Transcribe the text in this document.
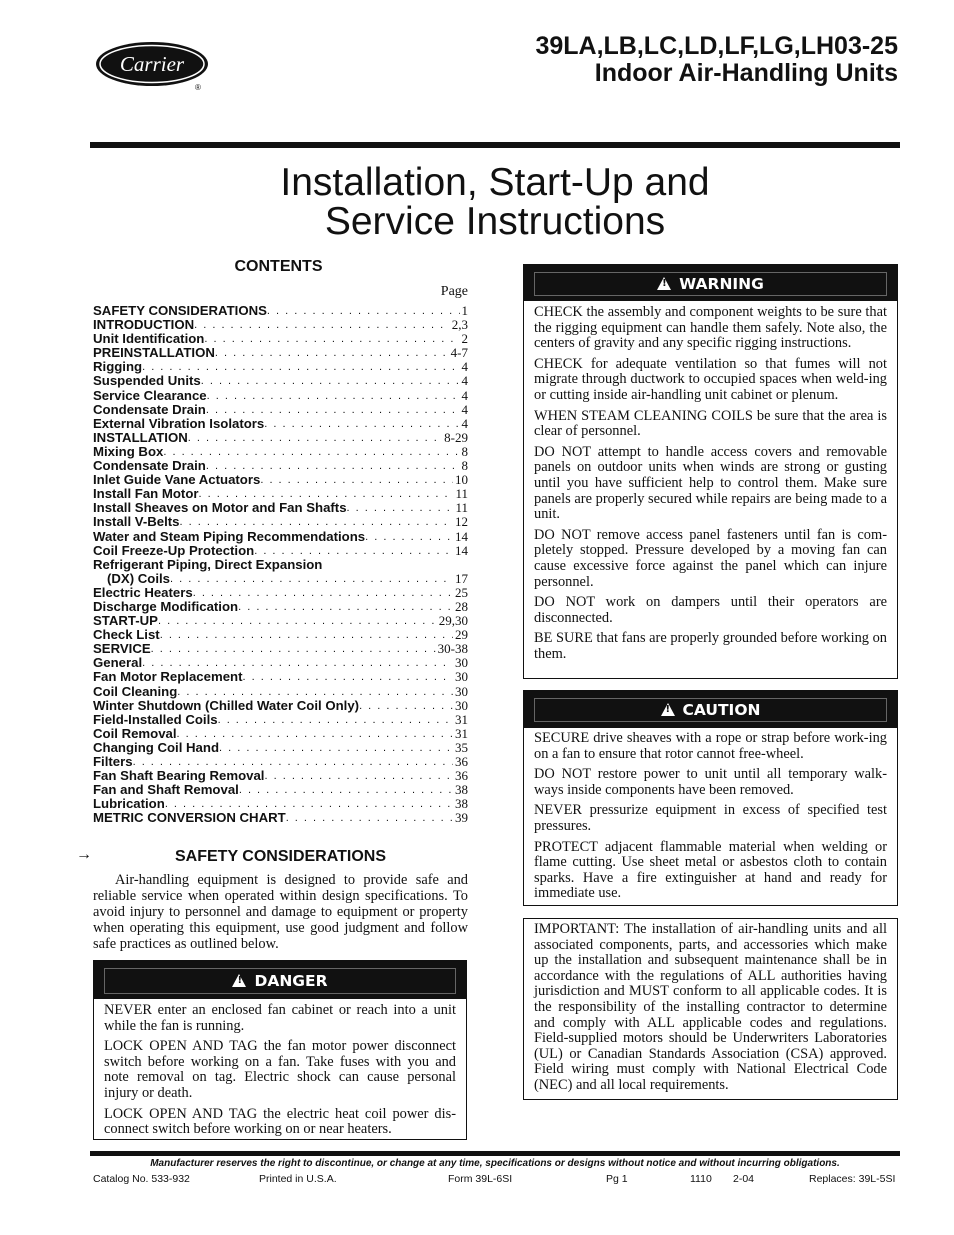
Carrier
®
39LA,LB,LC,LD,LF,LG,LH03-25
Indoor Air-Handling Units
Installation, Start-Up and
Service Instructions
CONTENTS
Page
SAFETY CONSIDERATIONS . . .	1
INTRODUCTION . . .	2,3
Unit Identification . . .	2
PREINSTALLATION . . .	4-7
Rigging . . .	4
Suspended Units . . .	4
Service Clearance . . .	4
Condensate Drain . . .	4
External Vibration Isolators . . .	4
INSTALLATION . . .	8-29
Mixing Box . . .	8
Condensate Drain . . .	8
Inlet Guide Vane Actuators . . .	10
Install Fan Motor . . .	11
Install Sheaves on Motor and Fan Shafts . . .	11
Install V-Belts . . .	12
Water and Steam Piping Recommendations . . .	14
Coil Freeze-Up Protection . . .	14
Refrigerant Piping, Direct Expansion
(DX) Coils . . .	17
Electric Heaters . . .	25
Discharge Modification . . .	28
START-UP . . .	29,30
Check List . . .	29
SERVICE . . .	30-38
General . . .	30
Fan Motor Replacement . . .	30
Coil Cleaning . . .	30
Winter Shutdown (Chilled Water Coil Only) . . .	30
Field-Installed Coils . . .	31
Coil Removal . . .	31
Changing Coil Hand . . .	35
Filters . . .	36
Fan Shaft Bearing Removal . . .	36
Fan and Shaft Removal . . .	38
Lubrication . . .	38
METRIC CONVERSION CHART . . .	39
→	SAFETY CONSIDERATIONS

Air-handling equipment is designed to provide safe and reliable service when operated within design specifications. To avoid injury to personnel and damage to equipment or property when operating this equipment, use good judgment and follow safe practices as outlined below.

!DANGER

NEVER enter an enclosed fan cabinet or reach into a unit while the fan is running.

LOCK OPEN AND TAG the fan motor power disconnect switch before working on a fan. Take fuses with you and note removal on tag. Electric shock can cause personal injury or death.

LOCK OPEN AND TAG the electric heat coil power dis-connect switch before working on or near heaters.

!WARNING

CHECK the assembly and component weights to be sure that the rigging equipment can handle them safely. Note also, the centers of gravity and any specific rigging instructions.

CHECK for adequate ventilation so that fumes will not migrate through ductwork to occupied spaces when weld-ing or cutting inside air-handling unit cabinet or plenum.

WHEN STEAM CLEANING COILS be sure that the area is clear of personnel.

DO NOT attempt to handle access covers and removable panels on outdoor units when winds are strong or gusting until you have sufficient help to control them. Make sure panels are properly secured while repairs are being made to a unit.

DO NOT remove access panel fasteners until fan is com-pletely stopped. Pressure developed by a moving fan can cause excessive force against the panel which can injure personnel.

DO NOT work on dampers until their operators are disconnected.

BE SURE that fans are properly grounded before working on them.

!CAUTION

SECURE drive sheaves with a rope or strap before work-ing on a fan to ensure that rotor cannot free-wheel.

DO NOT restore power to unit until all temporary walk-ways inside components have been removed.

NEVER pressurize equipment in excess of specified test pressures.

PROTECT adjacent flammable material when welding or flame cutting. Use sheet metal or asbestos cloth to contain sparks. Have a fire extinguisher at hand and ready for immediate use.

IMPORTANT: The installation of air-handling units and all associated components, parts, and accessories which make up the installation and subsequent maintenance shall be in accordance with the regulations of ALL authorities having jurisdiction and MUST conform to all applicable codes. It is the responsibility of the installing contractor to determine and comply with ALL applicable codes and regulations. Field-supplied motors should be Underwriters Laboratories (UL) or Canadian Standards Association (CSA) approved. Field wiring must comply with National Electrical Code (NEC) and all local requirements.
Manufacturer reserves the right to discontinue, or change at any time, specifications or designs without notice and without incurring obligations.
Catalog No. 533-932	Printed in U.S.A.	Form 39L-6SI	Pg 1	1110 2-04	Replaces: 39L-5SI
